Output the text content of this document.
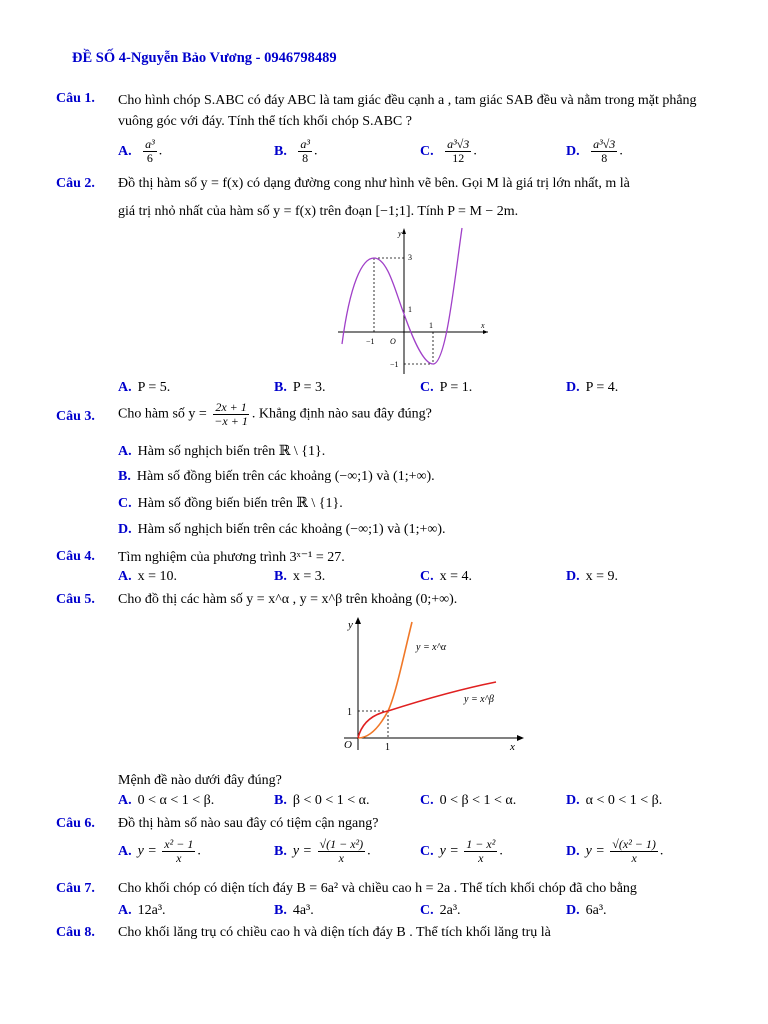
ĐỀ SỐ 4-Nguyễn Bảo Vương - 0946798489
Câu 1. Cho hình chóp S.ABC có đáy ABC là tam giác đều cạnh a , tam giác SAB đều và nằm trong mặt phẳng vuông góc với đáy. Tính thể tích khối chóp S.ABC ?
A. $\frac{\text{a³}}{6}$ .	B. $\frac{\text{a³}}{8}$ .	C. $\frac{\text{a³√3}}{12}$ .	D. $\frac{\text{a³√3}}{8}$ .
Câu 2. Đồ thị hàm số y = f(x) có dạng đường cong như hình vẽ bên. Gọi M là giá trị lớn nhất, m là
giá trị nhỏ nhất của hàm số y = f(x) trên đoạn [−1;1]. Tính P = M − 2m.
y
x
O
3
1
−1
1
−1
A. P = 5.	B. P = 3.	C. P = 1.	D. P = 4.
Câu 3. Cho hàm số $y = \frac{2x + 1}{-x + 1}$ . Khẳng định nào sau đây đúng?
A. Hàm số nghịch biến trên ℝ \ {1}.
B. Hàm số đồng biến trên các khoảng (−∞;1) và (1;+∞).
C. Hàm số đồng biến biến trên ℝ \ {1}.
D. Hàm số nghịch biến trên các khoảng (−∞;1) và (1;+∞).
Câu 4. Tìm nghiệm của phương trình 3ˣ⁻¹ = 27.
A. x = 10.	B. x = 3.	C. x = 4.	D. x = 9.
Câu 5. Cho đồ thị các hàm số y = x^α , y = x^β trên khoảng (0;+∞).
y
x
O
1
1
y = x^α
y = x^β
Mệnh đề nào dưới đây đúng?
A. 0 < α < 1 < β.	B. β < 0 < 1 < α.	C. 0 < β < 1 < α.	D. α < 0 < 1 < β.
Câu 6. Đồ thị hàm số nào sau đây có tiệm cận ngang?
A. $y = \frac{\text{x² − 1}}{x}$ .	B. $y = \frac{\text{√(1 − x²)}}{x}$ .	C. $y = \frac{\text{1 − x²}}{x}$ .	D. $y = \frac{\text{√(x² − 1)}}{x}$ .
Câu 7. Cho khối chóp có diện tích đáy B = 6a² và chiều cao h = 2a . Thể tích khối chóp đã cho bằng
A. 12a³.	B. 4a³.	C. 2a³.	D. 6a³.
Câu 8. Cho khối lăng trụ có chiều cao h và diện tích đáy B . Thể tích khối lăng trụ là
